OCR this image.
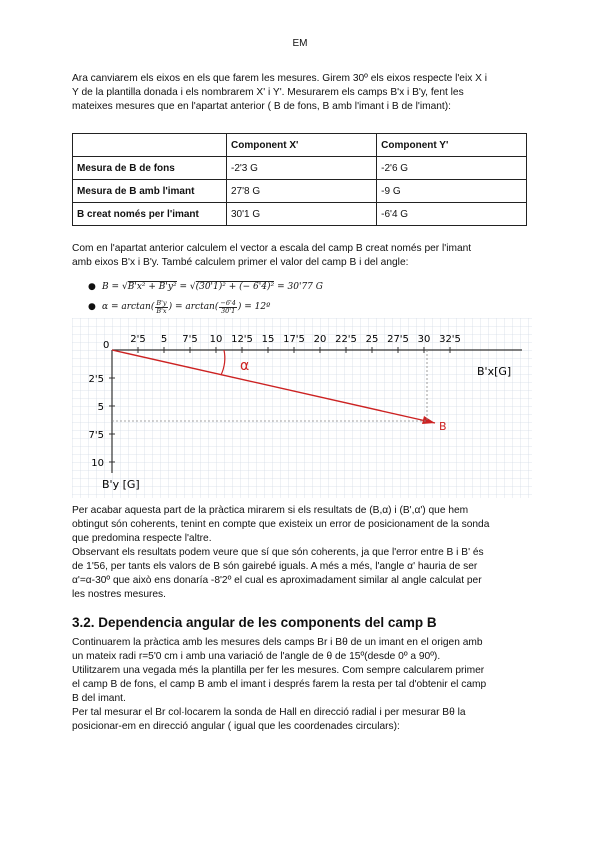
EM
Ara canviarem els eixos en els que farem les mesures. Girem 30º els eixos respecte l'eix X i
Y de la plantilla donada i els nombrarem X' i Y'. Mesurarem els camps B'x i B'y, fent les
mateixes mesures que en l'apartat anterior ( B de fons, B amb l'imant i B de l'imant):
	Component X'	Component Y'
Mesura de B de fons	-2'3 G	-2'6 G
Mesura de B amb l'imant	27'8 G	-9 G
B creat només per l'imant	30'1 G	-6'4 G
Com en l'apartat anterior calculem el vector a escala del camp B creat només per l'imant
amb eixos B'x i B'y. També calculem primer el valor del camp B i del angle:
● B = √B'x² + B'y² = √(30'1)² + (− 6'4)² = 30'77 G
● $\alpha = \arctan( \frac{B'y}{B'x}$ ) = $\arctan( \frac{-6'4}{30'1}$ ) = 12º
α
B
0
B'x[G]
B'y [G]
2'5 5 7'5 10 12'5 15 17'5 20 22'5 25 27'5 30 32'5
2'5
5
7'5
10
Per acabar aquesta part de la pràctica mirarem si els resultats de (B,α) i (B',α') que hem
obtingut són coherents, tenint en compte que existeix un error de posicionament de la sonda
que predomina respecte l'altre.
Observant els resultats podem veure que sí que són coherents, ja que l'error entre B i B' és
de 1'56, per tants els valors de B són gairebé iguals. A més a més, l'angle α' hauria de ser
α'=α-30º que això ens donaría -8'2º el cual es aproximadament similar al angle calculat per
les nostres mesures.
3.2. Dependencia angular de les components del camp B
Continuarem la pràctica amb les mesures dels camps Br i Bθ de un imant en el origen amb
un mateix radi r=5'0 cm i amb una variació de l'angle de θ de 15º(desde 0º a 90º).
Utilitzarem una vegada més la plantilla per fer les mesures. Com sempre calcularem primer
el camp B de fons, el camp B amb el imant i després farem la resta per tal d'obtenir el camp
B del imant.
Per tal mesurar el Br col·locarem la sonda de Hall en direcció radial i per mesurar Bθ la
posicionar-em en direcció angular ( igual que les coordenades circulars):
